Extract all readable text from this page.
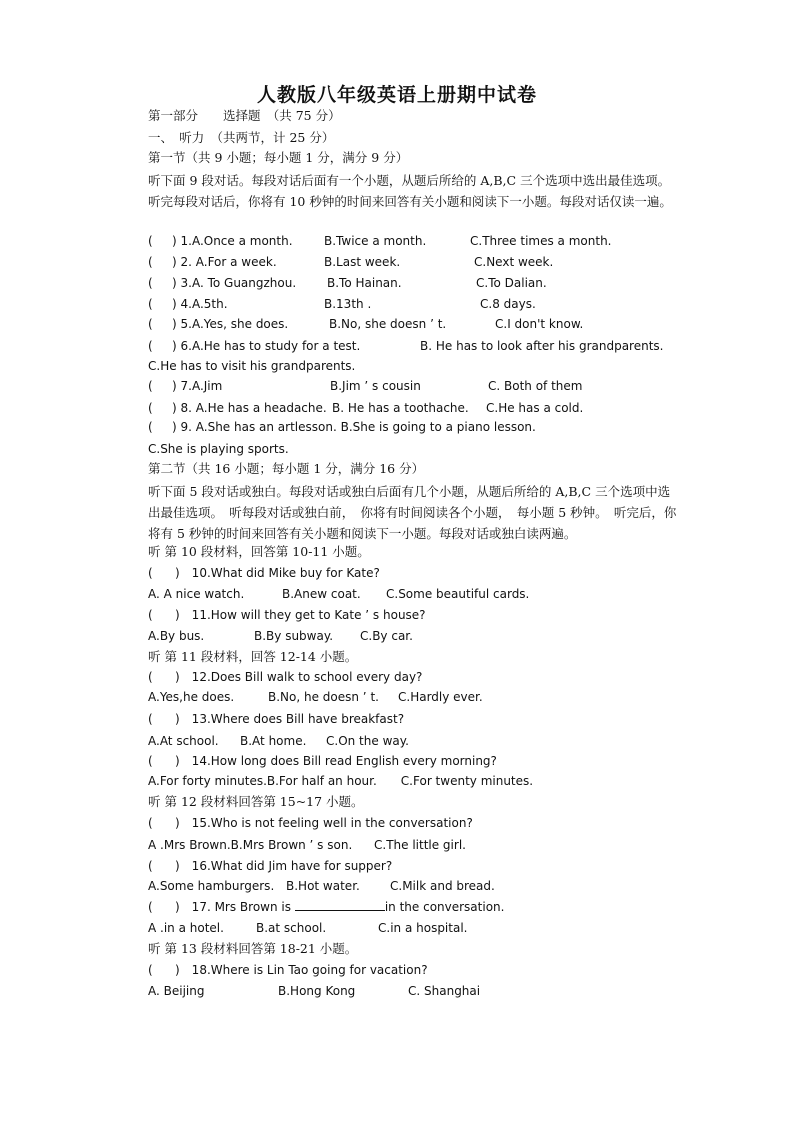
人教版八年级英语上册期中试卷
第一部分　　选择题　（共 75 分）
一、　听力　（共两节，计 25 分）
第一节（共 9 小题；每小题 1 分，满分 9 分）
听下面 9 段对话。每段对话后面有一个小题，从题后所给的 A,B,C 三个选项中选出最佳选项。听完每段对话后，你将有 10 秒钟的时间来回答有关小题和阅读下一小题。每段对话仅读一遍。
( ) 1.A.Once a month.	B.Twice a month.	C.Three times a month.
( ) 2. A.For a week.	B.Last week.	C.Next week.
( ) 3.A. To Guangzhou.	B.To Hainan.	C.To Dalian.
( ) 4.A.5th.	B.13th .	C.8 days.
( ) 5.A.Yes, she does.	B.No, she doesn ’ t.	C.I don't know.
( ) 6.A.He has to study for a test.	B. He has to look after his grandparents.
C.He has to visit his grandparents.
( ) 7.A.Jim	B.Jim ’ s cousin	C. Both of them
( ) 8. A.He has a headache. B. He has a toothache. C.He has a cold.
( ) 9. A.She has an artlesson. B.She is going to a piano lesson.
C.She is playing sports.
第二节（共 16 小题；每小题 1 分，满分 16 分）
听下面 5 段对话或独白。每段对话或独白后面有几个小题，从题后所给的 A,B,C 三个选项中选出最佳选项。　听每段对话或独白前，　你将有时间阅读各个小题，　每小题 5 秒钟。　听完后，你将有 5 秒钟的时间来回答有关小题和阅读下一小题。每段对话或独白读两遍。
听 第 10 段材料，回答第 10-11 小题。
( )　10.What did Mike buy for Kate?
A. A nice watch.	B.Anew coat. C.Some beautiful cards.
( )　11.How will they get to Kate ’ s house?
A.By bus.	B.By subway. C.By car.
听 第 11 段材料，回答 12-14 小题。
( )　12.Does Bill walk to school every day?
A.Yes,he does.	B.No, he doesn ’ t. C.Hardly ever.
( )　13.Where does Bill have breakfast?
A.At school. B.At home. C.On the way.
( )　14.How long does Bill read English every morning?
A.For forty minutes.B.For half an hour.　　C.For twenty minutes.
听 第 12 段材料回答第 15~17 小题。
( )　15.Who is not feeling well in the conversation?
A .Mrs Brown.B.Mrs Brown ’ s son. C.The little girl.
( )　16.What did Jim have for supper?
A.Some hamburgers. B.Hot water.	C.Milk and bread.
( )　17. Mrs Brown is	in the conversation.
A .in a hotel.	B.at school.	C.in a hospital.
听 第 13 段材料回答第 18-21 小题。
( )　18.Where is Lin Tao going for vacation?
A. Beijing	B.Hong Kong	C. Shanghai
